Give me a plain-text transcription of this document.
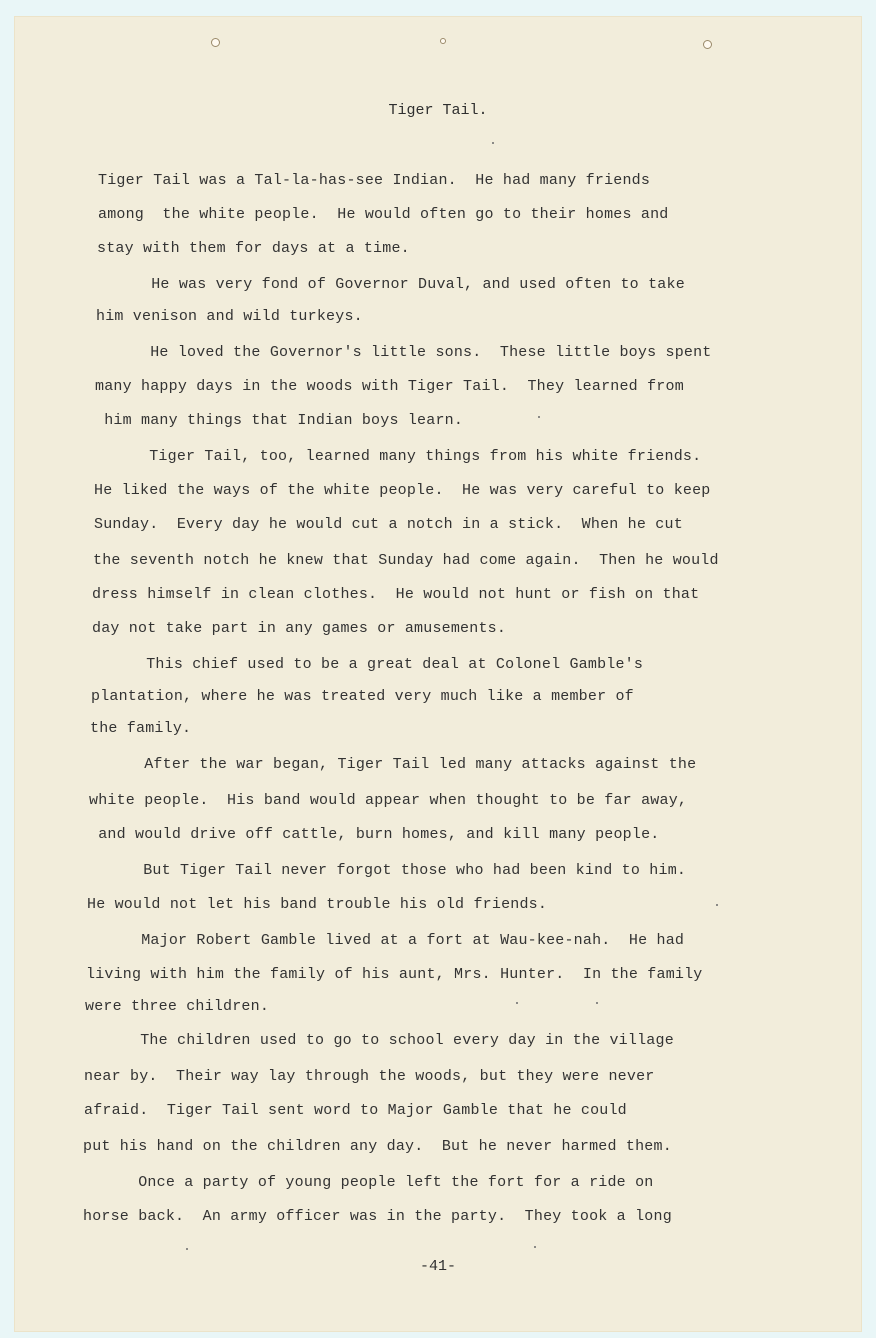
Tiger Tail.
Tiger Tail was a Tal-la-has-see Indian.  He had many friends
among  the white people.  He would often go to their homes and
stay with them for days at a time.
He was very fond of Governor Duval, and used often to take
him venison and wild turkeys.
He loved the Governor's little sons.  These little boys spent
many happy days in the woods with Tiger Tail.  They learned from
him many things that Indian boys learn.
Tiger Tail, too, learned many things from his white friends.
He liked the ways of the white people.  He was very careful to keep
Sunday.  Every day he would cut a notch in a stick.  When he cut
the seventh notch he knew that Sunday had come again.  Then he would
dress himself in clean clothes.  He would not hunt or fish on that
day not take part in any games or amusements.
This chief used to be a great deal at Colonel Gamble's
plantation, where he was treated very much like a member of
the family.
After the war began, Tiger Tail led many attacks against the
white people.  His band would appear when thought to be far away,
and would drive off cattle, burn homes, and kill many people.
But Tiger Tail never forgot those who had been kind to him.
He would not let his band trouble his old friends.
Major Robert Gamble lived at a fort at Wau-kee-nah.  He had
living with him the family of his aunt, Mrs. Hunter.  In the family
were three children.
The children used to go to school every day in the village
near by.  Their way lay through the woods, but they were never
afraid.  Tiger Tail sent word to Major Gamble that he could
put his hand on the children any day.  But he never harmed them.
Once a party of young people left the fort for a ride on
horse back.  An army officer was in the party.  They took a long
-41-
